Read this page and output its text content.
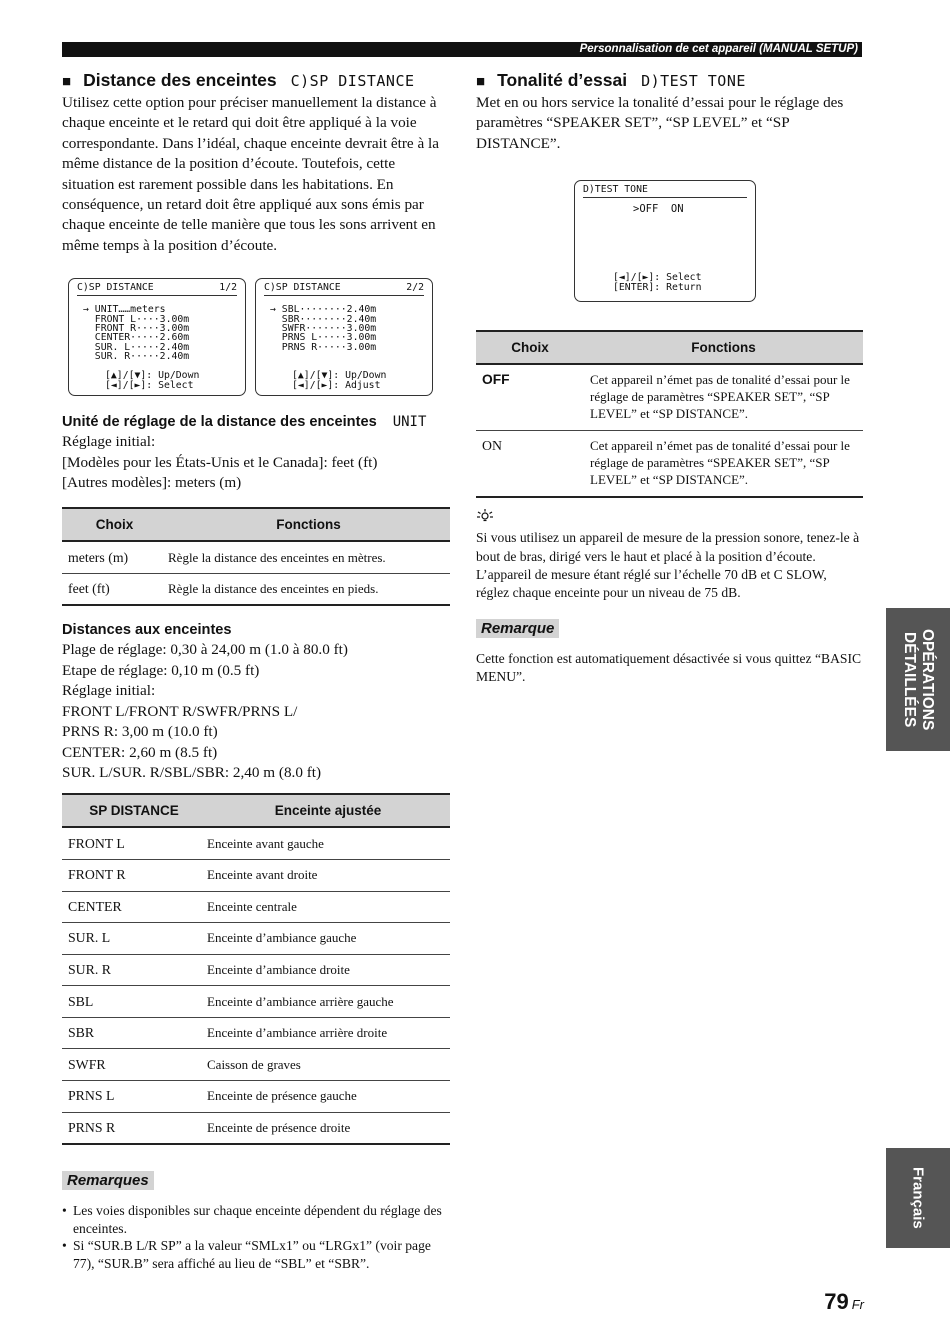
Personnalisation de cet appareil (MANUAL SETUP)
■ Distance des enceintes C)SP DISTANCE

Utilisez cette option pour préciser manuellement la distance à chaque enceinte et le retard qui doit être appliqué à la voie correspondante. Dans l’idéal, chaque enceinte devrait être à la même distance de la position d’écoute. Toutefois, cette situation est rarement possible dans les habitations. En conséquence, un retard doit être appliqué aux sons émis par chaque enceinte de telle manière que tous les sons arrivent en même temps à la position d’écoute.

C)SP DISTANCE	1/2
→ UNIT……meters
FRONT L····3.00m
FRONT R····3.00m
CENTER·····2.60m
SUR. L·····2.40m
SUR. R·····2.40m
[▲]/[▼]: Up/Down
[◄]/[►]: Select
C)SP DISTANCE	2/2
→ SBL········2.40m
SBR········2.40m
SWFR·······3.00m
PRNS L·····3.00m
PRNS R·····3.00m
[▲]/[▼]: Up/Down
[◄]/[►]: Adjust
Unité de réglage de la distance des enceintes UNIT

Réglage initial:

[Modèles pour les États-Unis et le Canada]: feet (ft)

[Autres modèles]: meters (m)

Choix	Fonctions
meters (m)	Règle la distance des enceintes en mètres.
feet (ft)	Règle la distance des enceintes en pieds.
Distances aux enceintes

Plage de réglage: 0,30 à 24,00 m (1.0 à 80.0 ft)

Etape de réglage: 0,10 m (0.5 ft)

Réglage initial:

FRONT L/FRONT R/SWFR/PRNS L/

PRNS R: 3,00 m (10.0 ft)

CENTER: 2,60 m (8.5 ft)

SUR. L/SUR. R/SBL/SBR: 2,40 m (8.0 ft)

SP DISTANCE	Enceinte ajustée
FRONT L	Enceinte avant gauche
FRONT R	Enceinte avant droite
CENTER	Enceinte centrale
SUR. L	Enceinte d’ambiance gauche
SUR. R	Enceinte d’ambiance droite
SBL	Enceinte d’ambiance arrière gauche
SBR	Enceinte d’ambiance arrière droite
SWFR	Caisson de graves
PRNS L	Enceinte de présence gauche
PRNS R	Enceinte de présence droite
Remarques
• Les voies disponibles sur chaque enceinte dépendent du réglage des enceintes.
• Si “SUR.B L/R SP” a la valeur “SMLx1” ou “LRGx1” (voir page 77), “SUR.B” sera affiché au lieu de “SBL” et “SBR”.
■ Tonalité d’essai D)TEST TONE

Met en ou hors service la tonalité d’essai pour le réglage des paramètres “SPEAKER SET”, “SP LEVEL” et “SP DISTANCE”.

D)TEST TONE
>OFF  ON
[◄]/[►]: Select
[ENTER]: Return
Choix	Fonctions
OFF	Cet appareil n’émet pas de tonalité d’essai pour le réglage de paramètres “SPEAKER SET”, “SP LEVEL” et “SP DISTANCE”.
ON	Cet appareil n’émet pas de tonalité d’essai pour le réglage de paramètres “SPEAKER SET”, “SP LEVEL” et “SP DISTANCE”.

Si vous utilisez un appareil de mesure de la pression sonore, tenez-le à bout de bras, dirigé vers le haut et placé à la position d’écoute. L’appareil de mesure étant réglé sur l’échelle 70 dB et C SLOW, réglez chaque enceinte pour un niveau de 75 dB.

Remarque

Cette fonction est automatiquement désactivée si vous quittez “BASIC MENU”.	OPÉRATIONS DÉTAILLÉES
Français
79 Fr
